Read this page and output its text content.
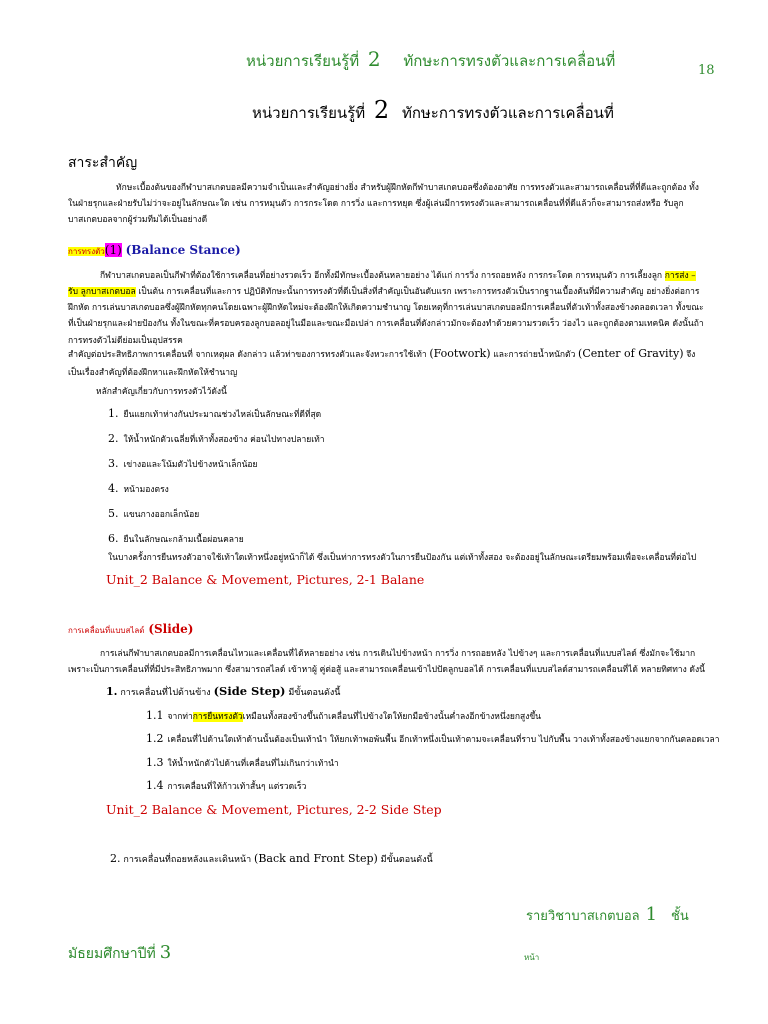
หน่วยการเรียนรู้ที่ 2 ทักษะการทรงตัวและการเคลื่อนที่
18
หน่วยการเรียนรู้ที่ 2 ทักษะการทรงตัวและการเคลื่อนที่
สาระสำคัญ
ทักษะเบื้องต้นของกีฬาบาสเกตบอลมีความจำเป็นและสำคัญอย่างยิ่ง สำหรับผู้ฝึกหัดกีฬาบาสเกตบอลซึ่งต้องอาศัย การทรงตัวและสามารถเคลื่อนที่ที่ดีและถูกต้อง ทั้งในฝ่ายรุกและฝ่ายรับไม่ว่าจะอยู่ในลักษณะใด เช่น การหมุนตัว การกระโดด การวิ่ง และการหยุด ซึ่งผู้เล่นมีการทรงตัวและสามารถเคลื่อนที่ที่ดีแล้วก็จะสามารถส่งหรือ รับลูกบาสเกตบอลจากผู้ร่วมทีมได้เป็นอย่างดี
การทรงตัว(1) (Balance Stance)
กีฬาบาสเกตบอลเป็นกีฬาที่ต้องใช้การเคลื่อนที่อย่างรวดเร็ว อีกทั้งมีทักษะเบื้องต้นหลายอย่าง ได้แก่ การวิ่ง การถอยหลัง การกระโดด การหมุนตัว การเลี้ยงลูก การส่ง – รับ ลูกบาสเกตบอล เป็นต้น การเคลื่อนที่และการ ปฏิบัติทักษะนั้นการทรงตัวที่ดีเป็นสิ่งที่สำคัญเป็นอันดับแรก เพราะการทรงตัวเป็นรากฐานเบื้องต้นที่มีความสำคัญ อย่างยิ่งต่อการฝึกหัด การเล่นบาสเกตบอลซึ่งผู้ฝึกหัดทุกคนโดยเฉพาะผู้ฝึกหัดใหม่จะต้องฝึกให้เกิดความชำนาญ โดยเหตุที่การเล่นบาสเกตบอลมีการเคลื่อนที่ตัวเท้าทั้งสองข้างตลอดเวลา ทั้งขณะที่เป็นฝ่ายรุกและฝ่ายป้องกัน ทั้งในขณะที่ครอบครองลูกบอลอยู่ในมือและขณะมือเปล่า การเคลื่อนที่ดังกล่าวมักจะต้องทำด้วยความรวดเร็ว ว่องไว และถูกต้องตามเทคนิค ดังนั้นถ้าการทรงตัวไม่ดีย่อมเป็นอุปสรรค
สำคัญต่อประสิทธิภาพการเคลื่อนที่ จากเหตุผล ดังกล่าว แล้วท่าของการทรงตัวและจังหวะการใช้เท้า (Footwork) และการถ่ายน้ำหนักตัว (Center of Gravity) จึงเป็นเรื่องสำคัญที่ต้องฝึกหาและฝึกหัดให้ชำนาญ
หลักสำคัญเกี่ยวกับการทรงตัวไว้ดังนี้
1. ยืนแยกเท้าห่างกันประมาณช่วงไหล่เป็นลักษณะที่ดีที่สุด
2. ให้น้ำหนักตัวเฉลี่ยที่เท้าทั้งสองข้าง ค่อนไปทางปลายเท้า
3. เข่างอและโน้มตัวไปข้างหน้าเล็กน้อย
4. หน้ามองตรง
5. แขนกางออกเล็กน้อย
6. ยืนในลักษณะกล้ามเนื้อผ่อนคลาย
ในบางครั้งการยืนทรงตัวอาจใช้เท้าใดเท้าหนึ่งอยู่หน้าก็ได้ ซึ่งเป็นท่าการทรงตัวในการยืนป้องกัน แต่เท้าทั้งสอง จะต้องอยู่ในลักษณะเตรียมพร้อมเพื่อจะเคลื่อนที่ต่อไป
Unit_2 Balance & Movement, Pictures, 2-1 Balane
การเคลื่อนที่แบบสไลด์ (Slide)
การเล่นกีฬาบาสเกตบอลมีการเคลื่อนไหวและเคลื่อนที่ได้หลายอย่าง เช่น การเดินไปข้างหน้า การวิ่ง การถอยหลัง ไปข้างๆ และการเคลื่อนที่แบบสไลด์ ซึ่งมักจะใช้มากเพราะเป็นการเคลื่อนที่ที่มีประสิทธิภาพมาก ซึ่งสามารถสไลด์ เข้าหาผู้ คู่ต่อสู้ และสามารถเคลื่อนเข้าไปปัดลูกบอลได้ การเคลื่อนที่แบบสไลด์สามารถเคลื่อนที่ได้ หลายทิศทาง ดังนี้
1. การเคลื่อนที่ไปด้านข้าง (Side Step) มีขั้นตอนดังนี้
1.1 จากท่าการยืนทรงตัวเหมือนทั้งสองข้างขึ้นถ้าเคลื่อนที่ไปข้างใดให้ยกมือข้างนั้นค่ำลงอีกข้างหนึ่งยกสูงขึ้น
1.2 เคลื่อนที่ไปด้านใดเท้าด้านนั้นต้องเป็นเท้านำ ให้ยกเท้าพอพ้นพื้น อีกเท้าหนึ่งเป็นเท้าตามจะเคลื่อนที่ราบ ไปกับพื้น วางเท้าทั้งสองข้างแยกจากกันตลอดเวลา
1.3 ให้น้ำหนักตัวไปด้านที่เคลื่อนที่ไม่เกินกว่าเท้านำ
1.4 การเคลื่อนที่ให้ก้าวเท้าสั้นๆ แต่รวดเร็ว
Unit_2 Balance & Movement, Pictures, 2-2 Side Step
2. การเคลื่อนที่ถอยหลังและเดินหน้า (Back and Front Step) มีขั้นตอนดังนี้
รายวิชาบาสเกตบอล 1 ชั้น
มัธยมศึกษาปีที่ 3	หน้า
